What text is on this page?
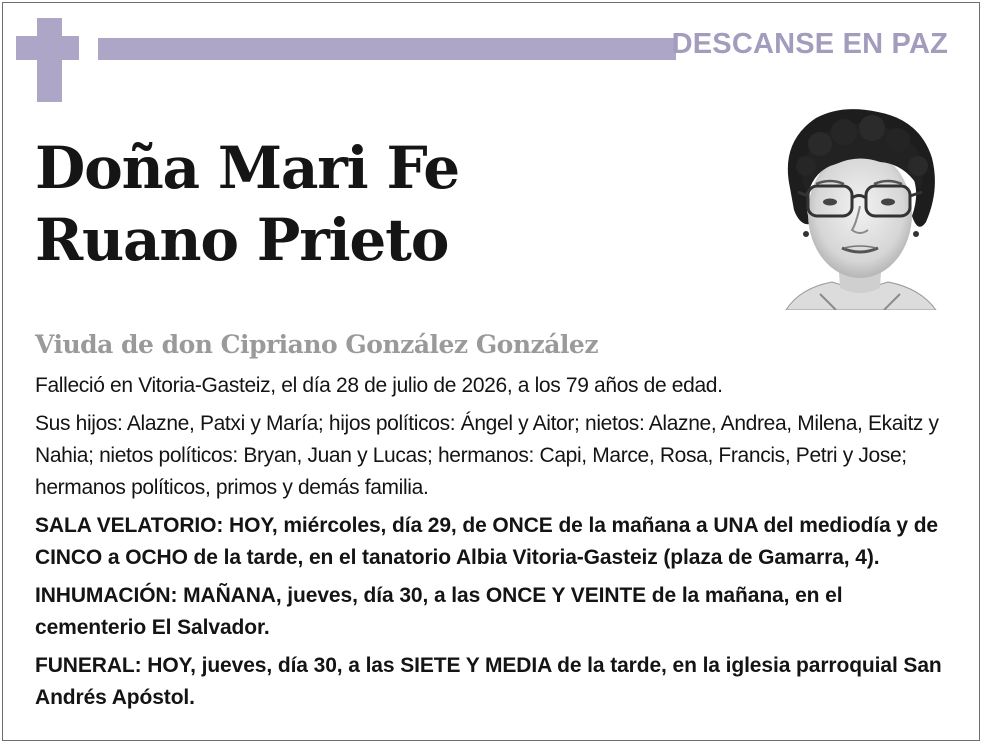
DESCANSE EN PAZ

Doña Mari Fe
Ruano Prieto
Viuda de don Cipriano González González

Falleció en Vitoria-Gasteiz, el día 28 de julio de 2026, a los 79 años de edad.

Sus hijos: Alazne, Patxi y María; hijos políticos: Ángel y Aitor; nietos: Alazne, Andrea, Milena, Ekaitz y Nahia; nietos políticos: Bryan, Juan y Lucas; hermanos: Capi, Marce, Rosa, Francis, Petri y Jose; hermanos políticos, primos y demás familia.

SALA VELATORIO: HOY, miércoles, día 29, de ONCE de la mañana a UNA del mediodía y de CINCO a OCHO de la tarde, en el tanatorio Albia Vitoria-Gasteiz (plaza de Gamarra, 4).

INHUMACIÓN: MAÑANA, jueves, día 30, a las ONCE Y VEINTE de la mañana, en el cementerio El Salvador.

FUNERAL: HOY, jueves, día 30, a las SIETE Y MEDIA de la tarde, en la iglesia parroquial San Andrés Apóstol.
